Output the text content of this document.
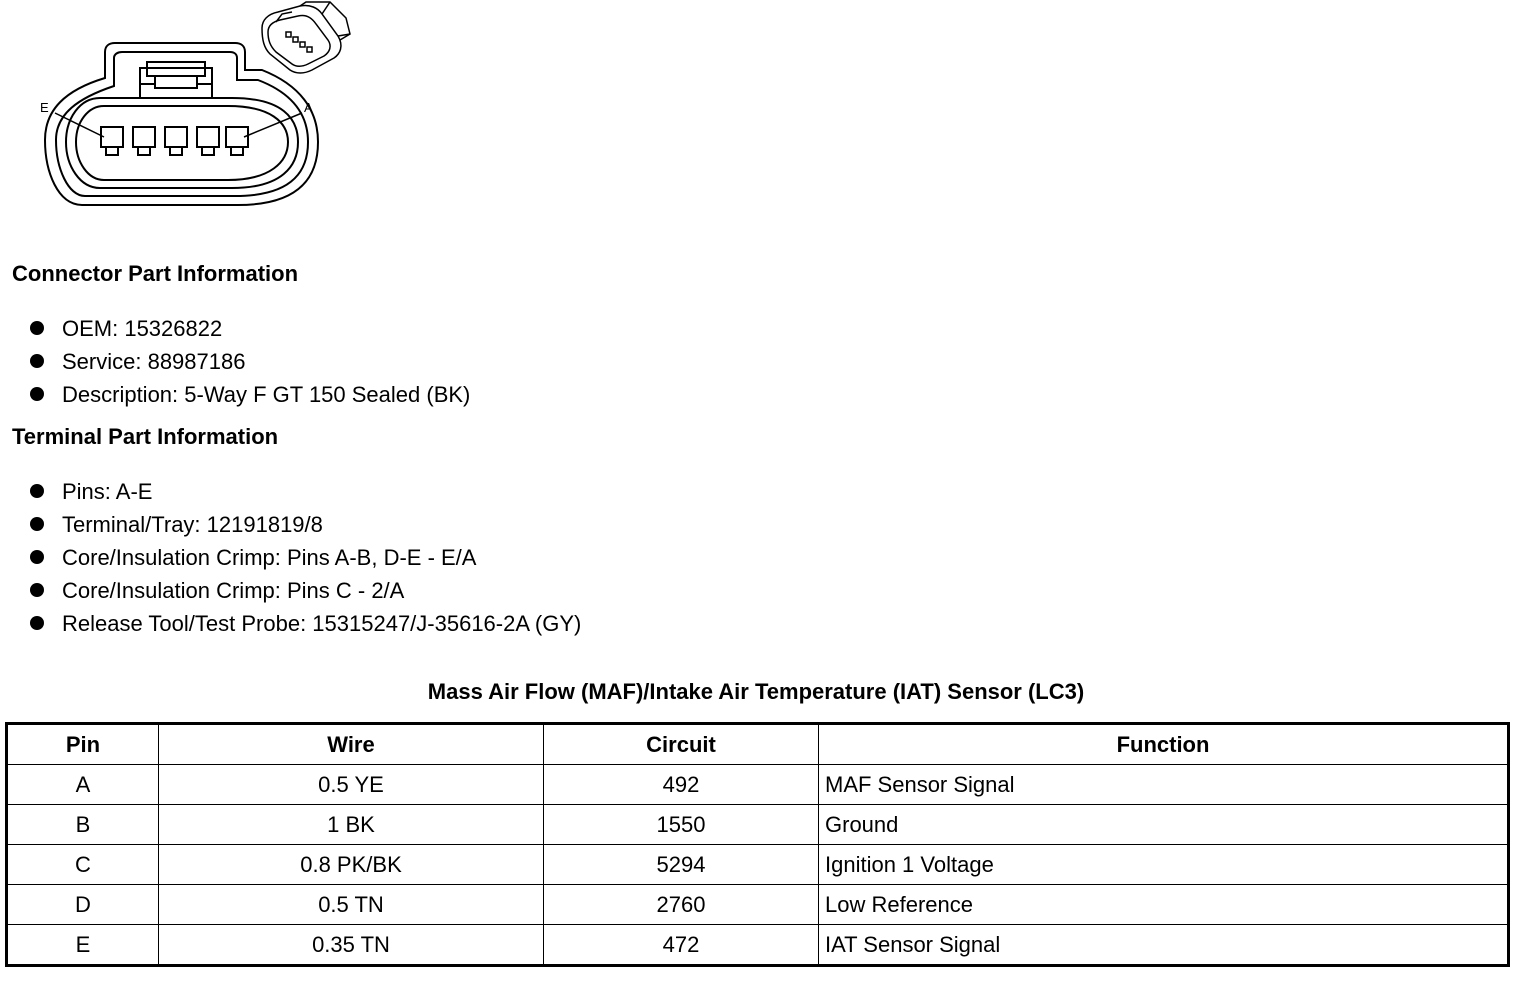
E	A
Connector Part Information
OEM: 15326822
Service: 88987186
Description: 5-Way F GT 150 Sealed (BK)
Terminal Part Information
Pins: A-E
Terminal/Tray: 12191819/8
Core/Insulation Crimp: Pins A-B, D-E - E/A
Core/Insulation Crimp: Pins C - 2/A
Release Tool/Test Probe: 15315247/J-35616-2A (GY)
Mass Air Flow (MAF)/Intake Air Temperature (IAT) Sensor (LC3)
Pin	Wire	Circuit	Function
A	0.5 YE	492	MAF Sensor Signal
B	1 BK	1550	Ground
C	0.8 PK/BK	5294	Ignition 1 Voltage
D	0.5 TN	2760	Low Reference
E	0.35 TN	472	IAT Sensor Signal
